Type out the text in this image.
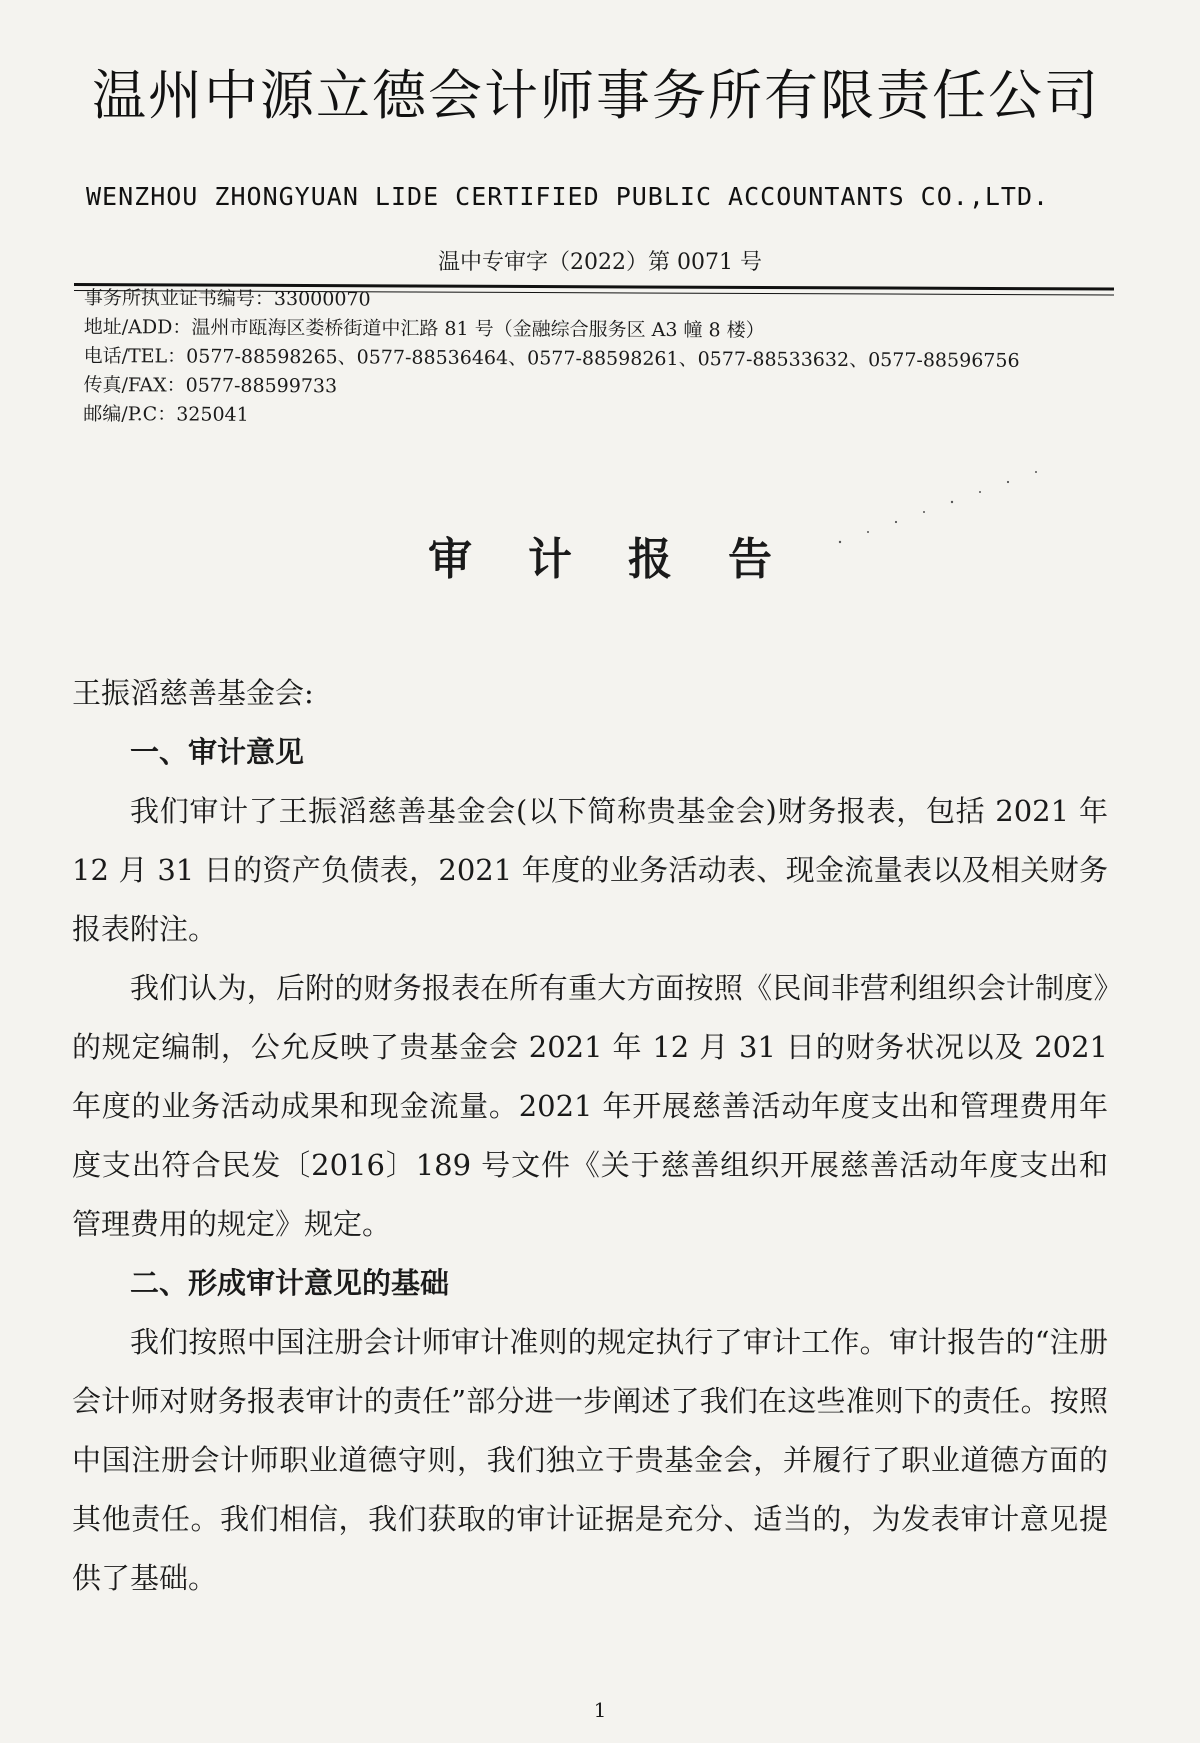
温州中源立德会计师事务所有限责任公司
WENZHOU ZHONGYUAN LIDE CERTIFIED PUBLIC ACCOUNTANTS CO.,LTD.
温中专审字（2022）第 0071 号
事务所执业证书编号：33000070
地址/ADD：温州市瓯海区娄桥街道中汇路 81 号（金融综合服务区 A3 幢 8 楼）
电话/TEL：0577-88598265、0577-88536464、0577-88598261、0577-88533632、0577-88596756
传真/FAX：0577-88599733
邮编/P.C：325041
审计报告

王振滔慈善基金会:

一、审计意见

我们审计了王振滔慈善基金会(以下简称贵基金会)财务报表，包括 2021 年 12 月 31 日的资产负债表，2021 年度的业务活动表、现金流量表以及相关财务报表附注。

我们认为，后附的财务报表在所有重大方面按照《民间非营利组织会计制度》的规定编制，公允反映了贵基金会 2021 年 12 月 31 日的财务状况以及 2021 年度的业务活动成果和现金流量。2021 年开展慈善活动年度支出和管理费用年度支出符合民发〔2016〕189 号文件《关于慈善组织开展慈善活动年度支出和管理费用的规定》规定。

二、形成审计意见的基础

我们按照中国注册会计师审计准则的规定执行了审计工作。审计报告的“注册会计师对财务报表审计的责任”部分进一步阐述了我们在这些准则下的责任。按照中国注册会计师职业道德守则，我们独立于贵基金会，并履行了职业道德方面的其他责任。我们相信，我们获取的审计证据是充分、适当的，为发表审计意见提供了基础。

1
